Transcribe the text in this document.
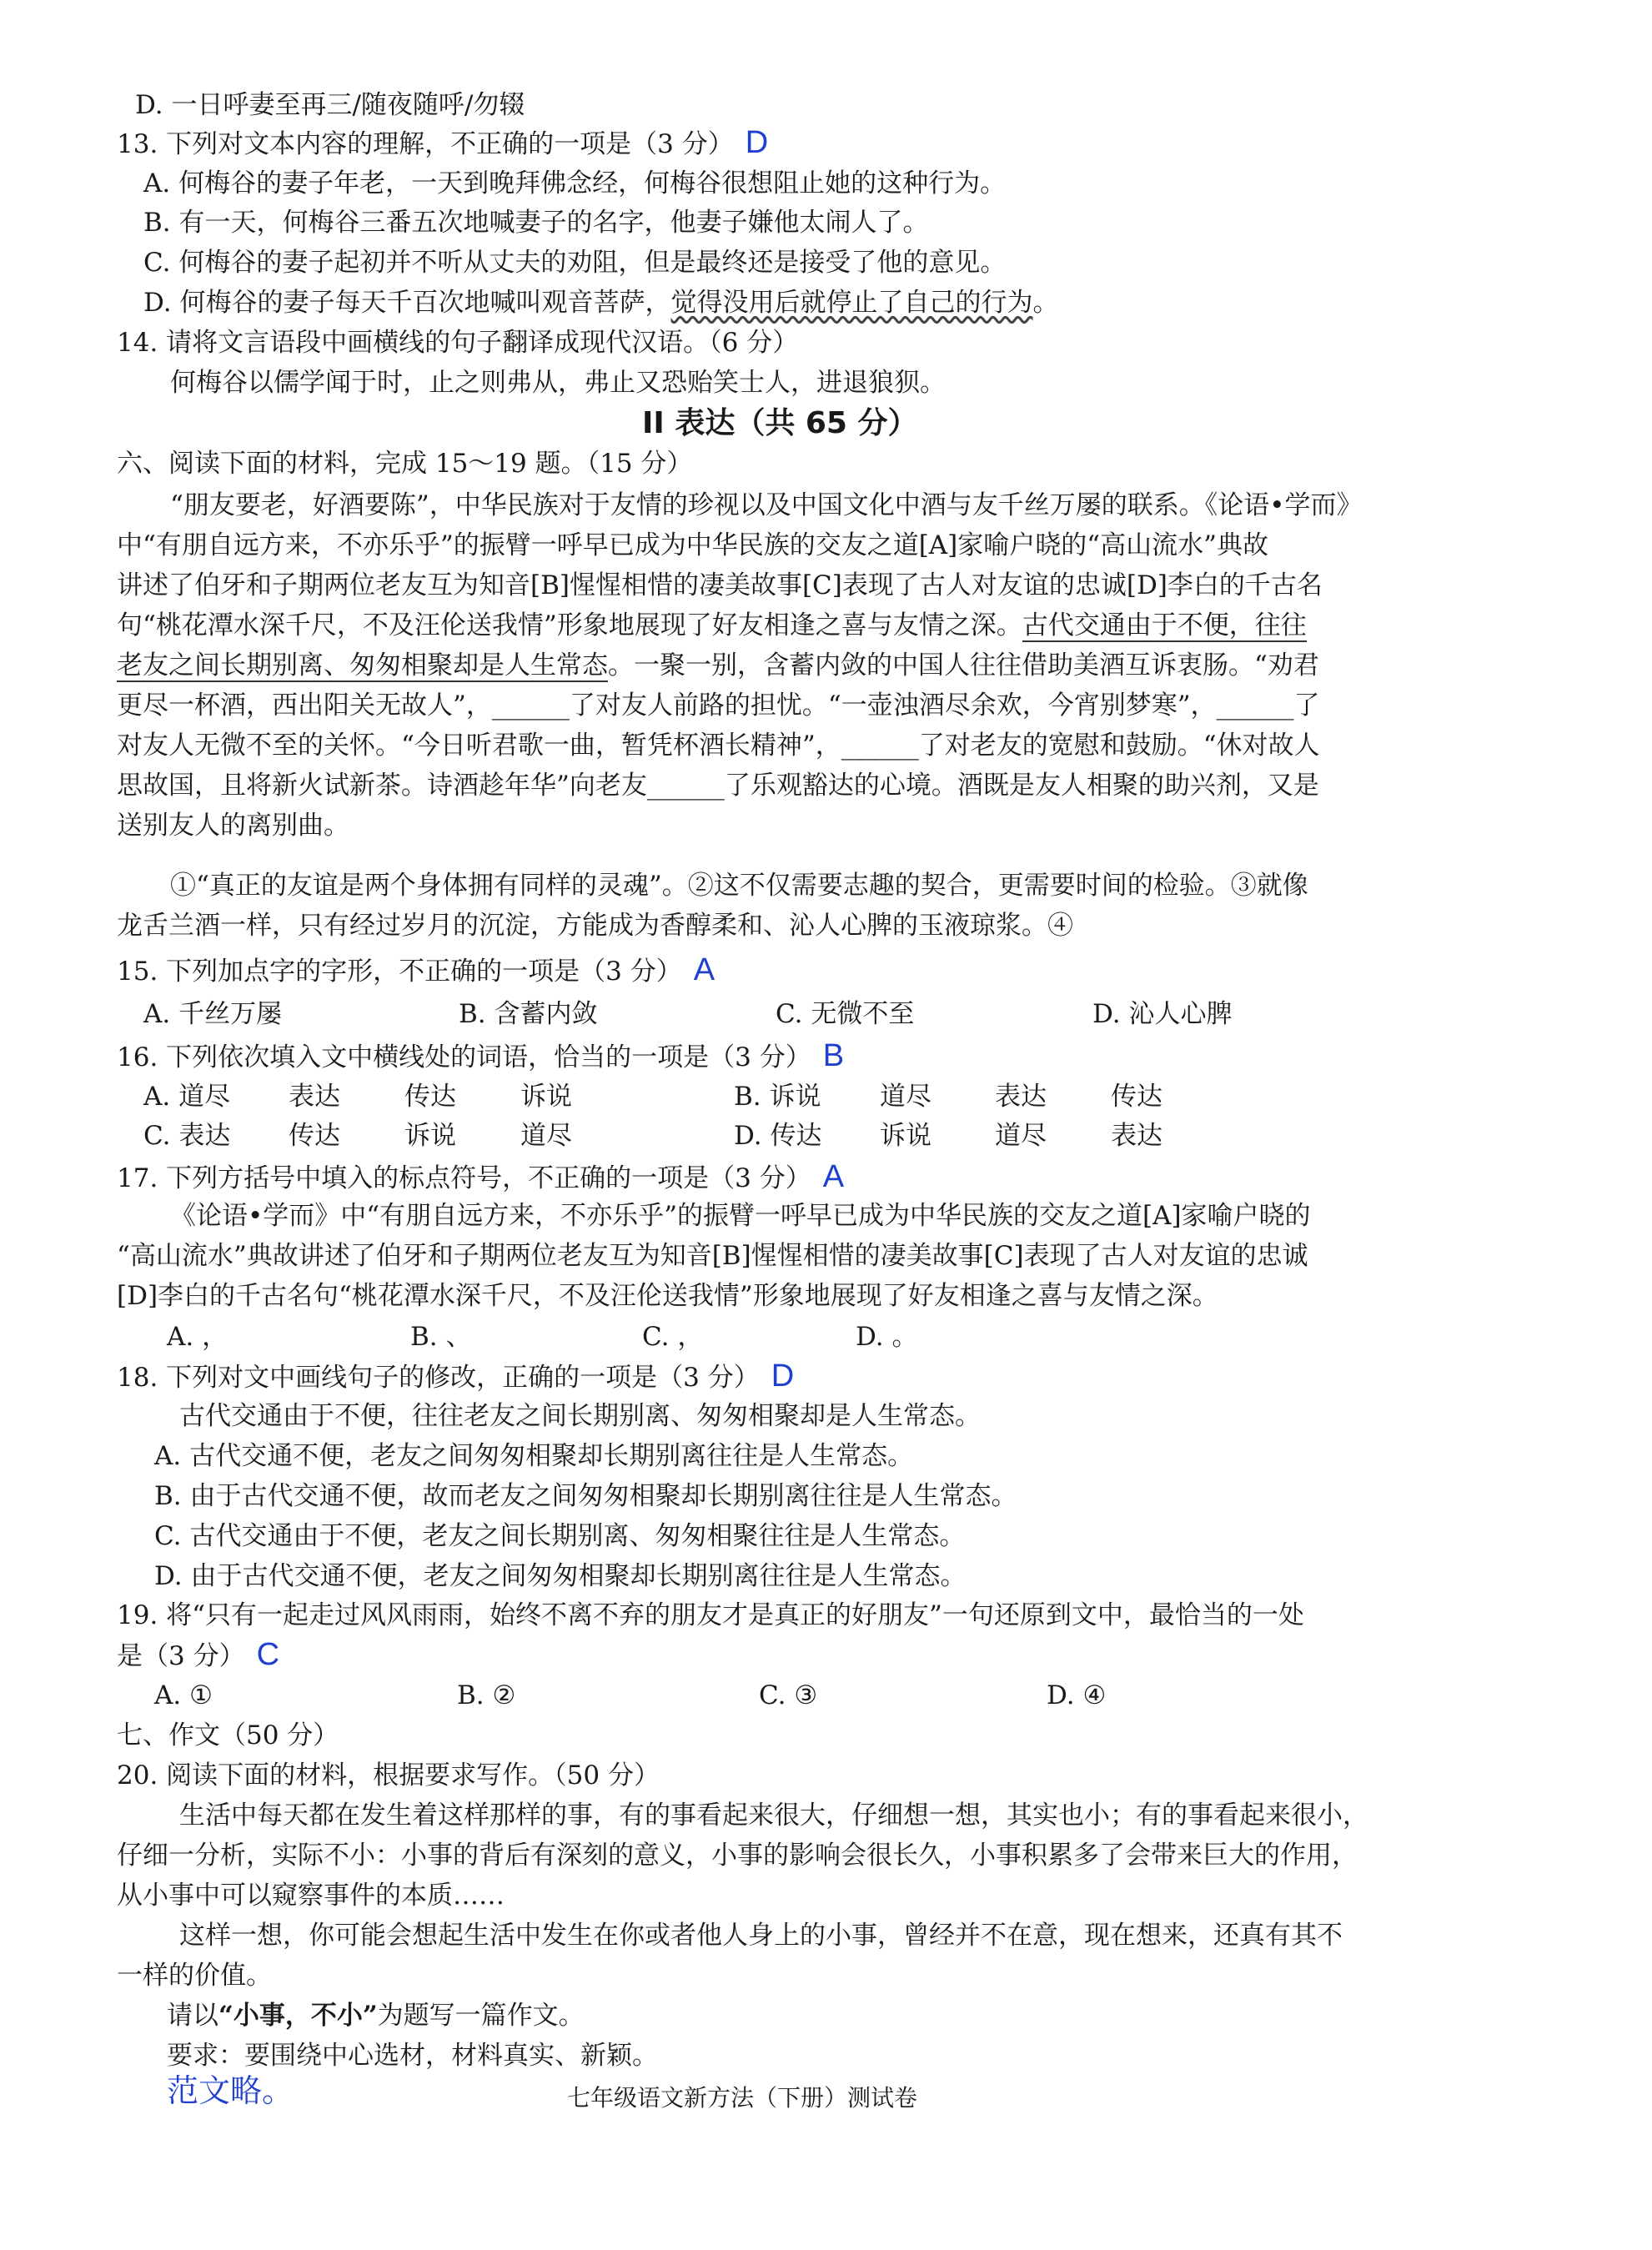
D. 一日呼妻至再三/随夜随呼/勿辍
13. 下列对文本内容的理解，不正确的一项是（3 分） D
A. 何梅谷的妻子年老，一天到晚拜佛念经，何梅谷很想阻止她的这种行为。
B. 有一天，何梅谷三番五次地喊妻子的名字，他妻子嫌他太闹人了。
C. 何梅谷的妻子起初并不听从丈夫的劝阻，但是最终还是接受了他的意见。
D. 何梅谷的妻子每天千百次地喊叫观音菩萨，觉得没用后就停止了自己的行为。
14. 请将文言语段中画横线的句子翻译成现代汉语。（6 分）
何梅谷以儒学闻于时，止之则弗从，弗止又恐贻笑士人，进退狼狈。
II 表达（共 65 分）
六、阅读下面的材料，完成 15～19 题。（15 分）
“朋友要老，好酒要陈”，中华民族对于友情的珍视以及中国文化中酒与友千丝万屡的联系。《论语•学而》
中“有朋自远方来，不亦乐乎”的振臂一呼早已成为中华民族的交友之道[A]家喻户晓的“高山流水”典故
讲述了伯牙和子期两位老友互为知音[B]惺惺相惜的凄美故事[C]表现了古人对友谊的忠诚[D]李白的千古名
句“桃花潭水深千尺，不及汪伦送我情”形象地展现了好友相逢之喜与友情之深。古代交通由于不便，往往
老友之间长期别离、匆匆相聚却是人生常态。一聚一别，含蓄内敛的中国人往往借助美酒互诉衷肠。“劝君
更尽一杯酒，西出阳关无故人”，______了对友人前路的担忧。“一壶浊酒尽余欢，今宵别梦寒”，______了
对友人无微不至的关怀。“今日听君歌一曲，暂凭杯酒长精神”，______了对老友的宽慰和鼓励。“休对故人
思故国，且将新火试新茶。诗酒趁年华”向老友______了乐观豁达的心境。酒既是友人相聚的助兴剂，又是
送别友人的离别曲。
①“真正的友谊是两个身体拥有同样的灵魂”。②这不仅需要志趣的契合，更需要时间的检验。③就像
龙舌兰酒一样，只有经过岁月的沉淀，方能成为香醇柔和、沁人心脾的玉液琼浆。④
15. 下列加点字的字形，不正确的一项是（3 分） A
A. 千丝万屡	B. 含蓄内敛	C. 无微不至	D. 沁人心脾
16. 下列依次填入文中横线处的词语，恰当的一项是（3 分） B
A. 道尽 表达 传达 诉说	B. 诉说 道尽 表达 传达
C. 表达 传达 诉说 道尽	D. 传达 诉说 道尽 表达
17. 下列方括号中填入的标点符号，不正确的一项是（3 分） A
《论语•学而》中“有朋自远方来，不亦乐乎”的振臂一呼早已成为中华民族的交友之道[A]家喻户晓的
“高山流水”典故讲述了伯牙和子期两位老友互为知音[B]惺惺相惜的凄美故事[C]表现了古人对友谊的忠诚
[D]李白的千古名句“桃花潭水深千尺，不及汪伦送我情”形象地展现了好友相逢之喜与友情之深。
A. ，	B. 、	C. ，	D. 。
18. 下列对文中画线句子的修改，正确的一项是（3 分） D
古代交通由于不便，往往老友之间长期别离、匆匆相聚却是人生常态。
A. 古代交通不便，老友之间匆匆相聚却长期别离往往是人生常态。
B. 由于古代交通不便，故而老友之间匆匆相聚却长期别离往往是人生常态。
C. 古代交通由于不便，老友之间长期别离、匆匆相聚往往是人生常态。
D. 由于古代交通不便，老友之间匆匆相聚却长期别离往往是人生常态。
19. 将“只有一起走过风风雨雨，始终不离不弃的朋友才是真正的好朋友”一句还原到文中，最恰当的一处
是（3 分） C
A. ①	B. ②	C. ③	D. ④
七、作文（50 分）
20. 阅读下面的材料，根据要求写作。（50 分）
生活中每天都在发生着这样那样的事，有的事看起来很大，仔细想一想，其实也小；有的事看起来很小，
仔细一分析，实际不小：小事的背后有深刻的意义，小事的影响会很长久，小事积累多了会带来巨大的作用，
从小事中可以窥察事件的本质……
这样一想，你可能会想起生活中发生在你或者他人身上的小事，曾经并不在意，现在想来，还真有其不
一样的价值。
请以“小事，不小”为题写一篇作文。
要求：要围绕中心选材，材料真实、新颖。
范文略。	七年级语文新方法（下册）测试卷
